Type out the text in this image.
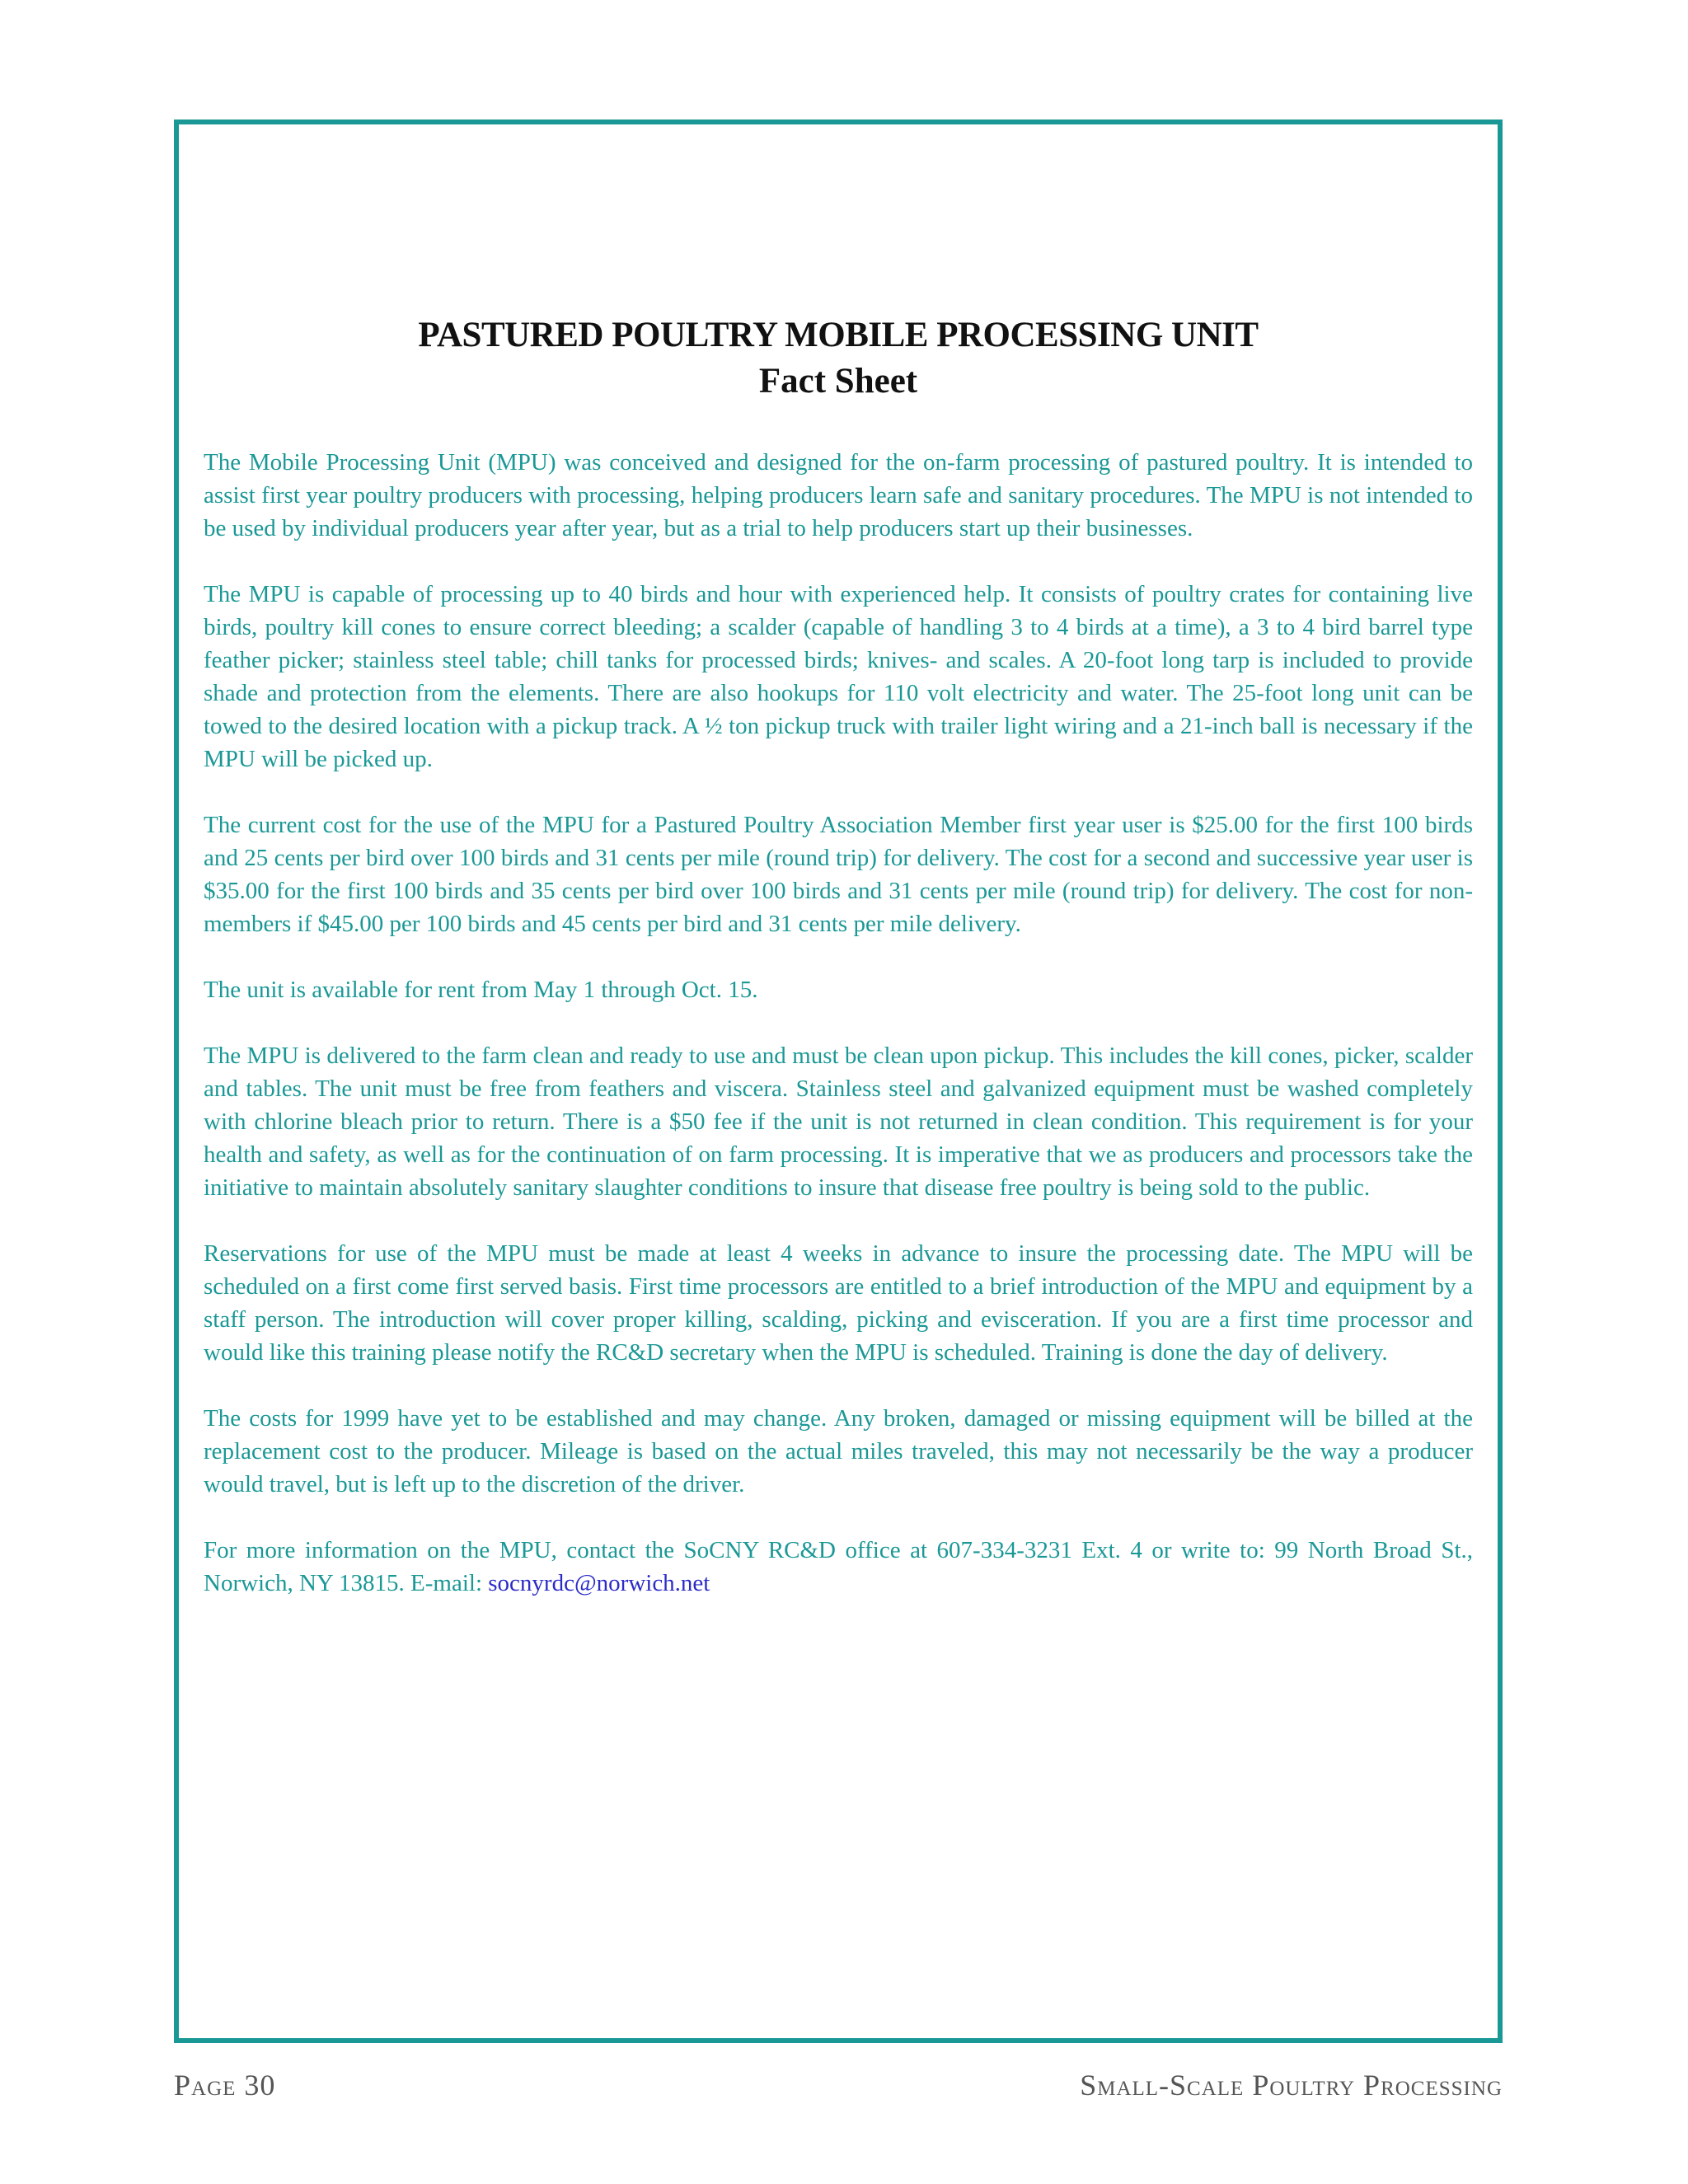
PASTURED POULTRY MOBILE PROCESSING UNIT
Fact Sheet

The Mobile Processing Unit (MPU) was conceived and designed for the on-farm processing of pastured poultry. It is intended to assist first year poultry producers with processing, helping producers learn safe and sanitary procedures. The MPU is not intended to be used by individual producers year after year, but as a trial to help producers start up their businesses.

The MPU is capable of processing up to 40 birds and hour with experienced help. It consists of poultry crates for containing live birds, poultry kill cones to ensure correct bleeding; a scalder (capable of handling 3 to 4 birds at a time), a 3 to 4 bird barrel type feather picker; stainless steel table; chill tanks for processed birds; knives- and scales. A 20-foot long tarp is included to provide shade and protection from the elements. There are also hookups for 110 volt electricity and water. The 25-foot long unit can be towed to the desired location with a pickup track. A ½ ton pickup truck with trailer light wiring and a 21-inch ball is necessary if the MPU will be picked up.

The current cost for the use of the MPU for a Pastured Poultry Association Member first year user is $25.00 for the first 100 birds and 25 cents per bird over 100 birds and 31 cents per mile (round trip) for delivery. The cost for a second and successive year user is $35.00 for the first 100 birds and 35 cents per bird over 100 birds and 31 cents per mile (round trip) for delivery. The cost for non-members if $45.00 per 100 birds and 45 cents per bird and 31 cents per mile delivery.

The unit is available for rent from May 1 through Oct. 15.

The MPU is delivered to the farm clean and ready to use and must be clean upon pickup. This includes the kill cones, picker, scalder and tables. The unit must be free from feathers and viscera. Stainless steel and galvanized equipment must be washed completely with chlorine bleach prior to return. There is a $50 fee if the unit is not returned in clean condition. This requirement is for your health and safety, as well as for the continuation of on farm processing. It is imperative that we as producers and processors take the initiative to maintain absolutely sanitary slaughter conditions to insure that disease free poultry is being sold to the public.

Reservations for use of the MPU must be made at least 4 weeks in advance to insure the processing date. The MPU will be scheduled on a first come first served basis. First time processors are entitled to a brief introduction of the MPU and equipment by a staff person. The introduction will cover proper killing, scalding, picking and evisceration. If you are a first time processor and would like this training please notify the RC&D secretary when the MPU is scheduled. Training is done the day of delivery.

The costs for 1999 have yet to be established and may change. Any broken, damaged or missing equipment will be billed at the replacement cost to the producer. Mileage is based on the actual miles traveled, this may not necessarily be the way a producer would travel, but is left up to the discretion of the driver.

For more information on the MPU, contact the SoCNY RC&D office at 607-334-3231 Ext. 4 or write to: 99 North Broad St., Norwich, NY 13815. E-mail: socnyrdc@norwich.net

Page 30	Small-Scale Poultry Processing
